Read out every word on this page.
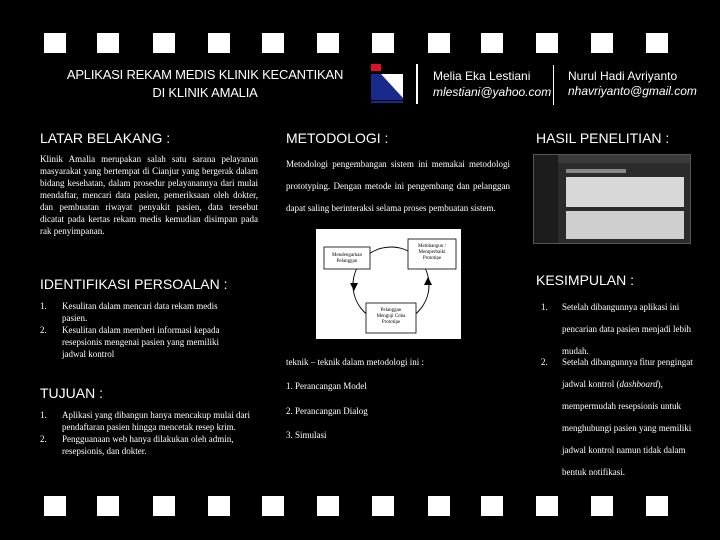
APLIKASI REKAM MEDIS KLINIK KECANTIKAN
DI KLINIK AMALIA
Melia Eka Lestiani
mlestiani@yahoo.com
Nurul Hadi Avriyanto
nhavriyanto@gmail.com
LATAR BELAKANG :
Klinik Amalia merupakan salah satu sarana pelayanan masyarakat yang bertempat di Cianjur yang bergerak dalam bidang kesehatan, dalam prosedur pelayanannya dari mulai mendaftar, mencari data pasien, pemeriksaan oleh dokter, dan pembuatan riwayat penyakit pasien, data tersebut dicatat pada kertas rekam medis kemudian disimpan pada rak penyimpanan.
IDENTIFIKASI PERSOALAN :
1. Kesulitan dalam mencari data rekam medis pasien.
2. Kesulitan dalam memberi informasi kepada resepsionis mengenai pasien yang memiliki jadwal kontrol
TUJUAN :
1. Aplikasi yang dibangun hanya mencakup mulai dari pendaftaran pasien hingga mencetak resep krim.
2. Pengguanaan web hanya dilakukan oleh admin, resepsionis, dan dokter.
METODOLOGI :
Metodologi pengembangan sistem ini memakai metodologi prototyping. Dengan metode ini pengembang dan pelanggan dapat saling berinteraksi selama proses pembuatan sistem.
Mendengarkan Pelanggan
Membangun / Memperbaiki Prototipe
Pelanggan Menguji Coba Prototipe
teknik – teknik dalam metodologi ini :
1. Perancangan Model
2. Perancangan Dialog
3. Simulasi
HASIL PENELITIAN :
KESIMPULAN :
1. Setelah dibangunnya aplikasi ini pencarian data pasien menjadi lebih mudah.
2. Setelah dibangunnya fitur pengingat jadwal kontrol (dashboard), mempermudah resepsionis untuk menghubungi pasien yang memiliki jadwal kontrol namun tidak dalam bentuk notifikasi.
